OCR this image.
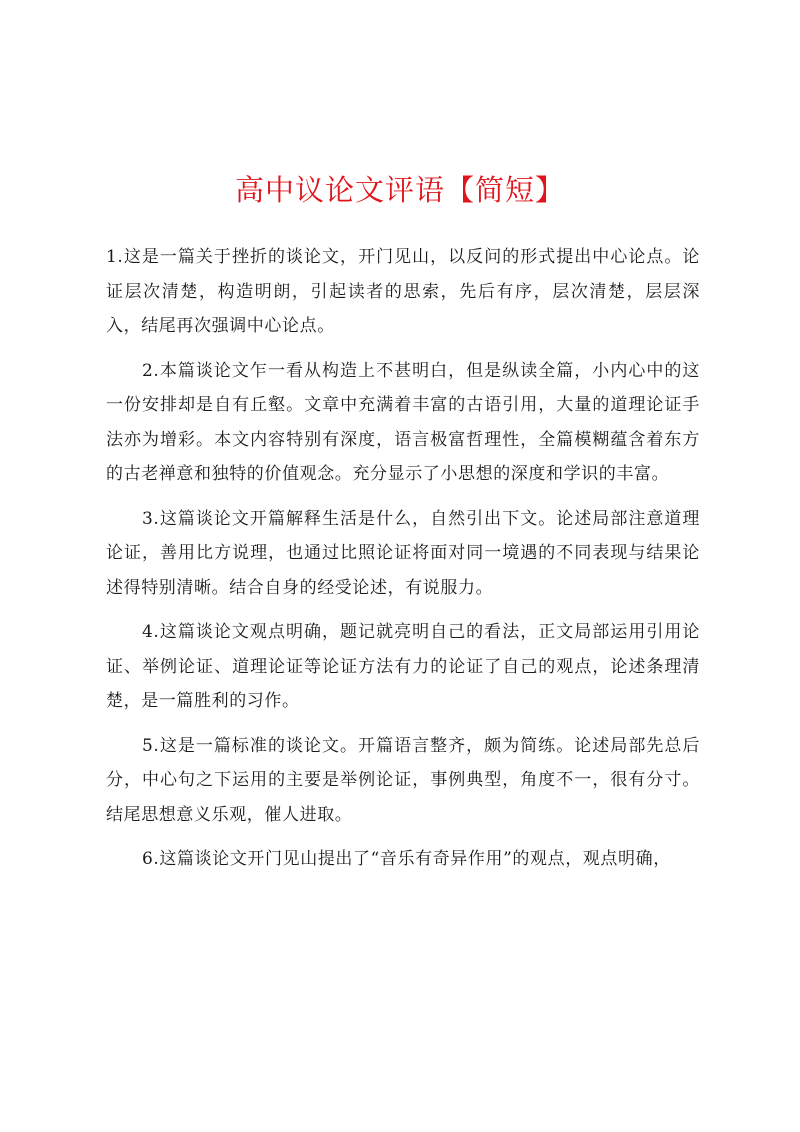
高中议论文评语【简短】

1.这是一篇关于挫折的谈论文，开门见山，以反问的形式提出中心论点。论证层次清楚，构造明朗，引起读者的思索，先后有序，层次清楚，层层深入，结尾再次强调中心论点。

2.本篇谈论文乍一看从构造上不甚明白，但是纵读全篇，小内心中的这一份安排却是自有丘壑。文章中充满着丰富的古语引用，大量的道理论证手法亦为增彩。本文内容特别有深度，语言极富哲理性，全篇模糊蕴含着东方的古老禅意和独特的价值观念。充分显示了小思想的深度和学识的丰富。

3.这篇谈论文开篇解释生活是什么，自然引出下文。论述局部注意道理论证，善用比方说理，也通过比照论证将面对同一境遇的不同表现与结果论述得特别清晰。结合自身的经受论述，有说服力。

4.这篇谈论文观点明确，题记就亮明自己的看法，正文局部运用引用论证、举例论证、道理论证等论证方法有力的论证了自己的观点，论述条理清楚，是一篇胜利的习作。

5.这是一篇标准的谈论文。开篇语言整齐，颇为简练。论述局部先总后分，中心句之下运用的主要是举例论证，事例典型，角度不一，很有分寸。结尾思想意义乐观，催人进取。

6.这篇谈论文开门见山提出了“音乐有奇异作用”的观点，观点明确，
